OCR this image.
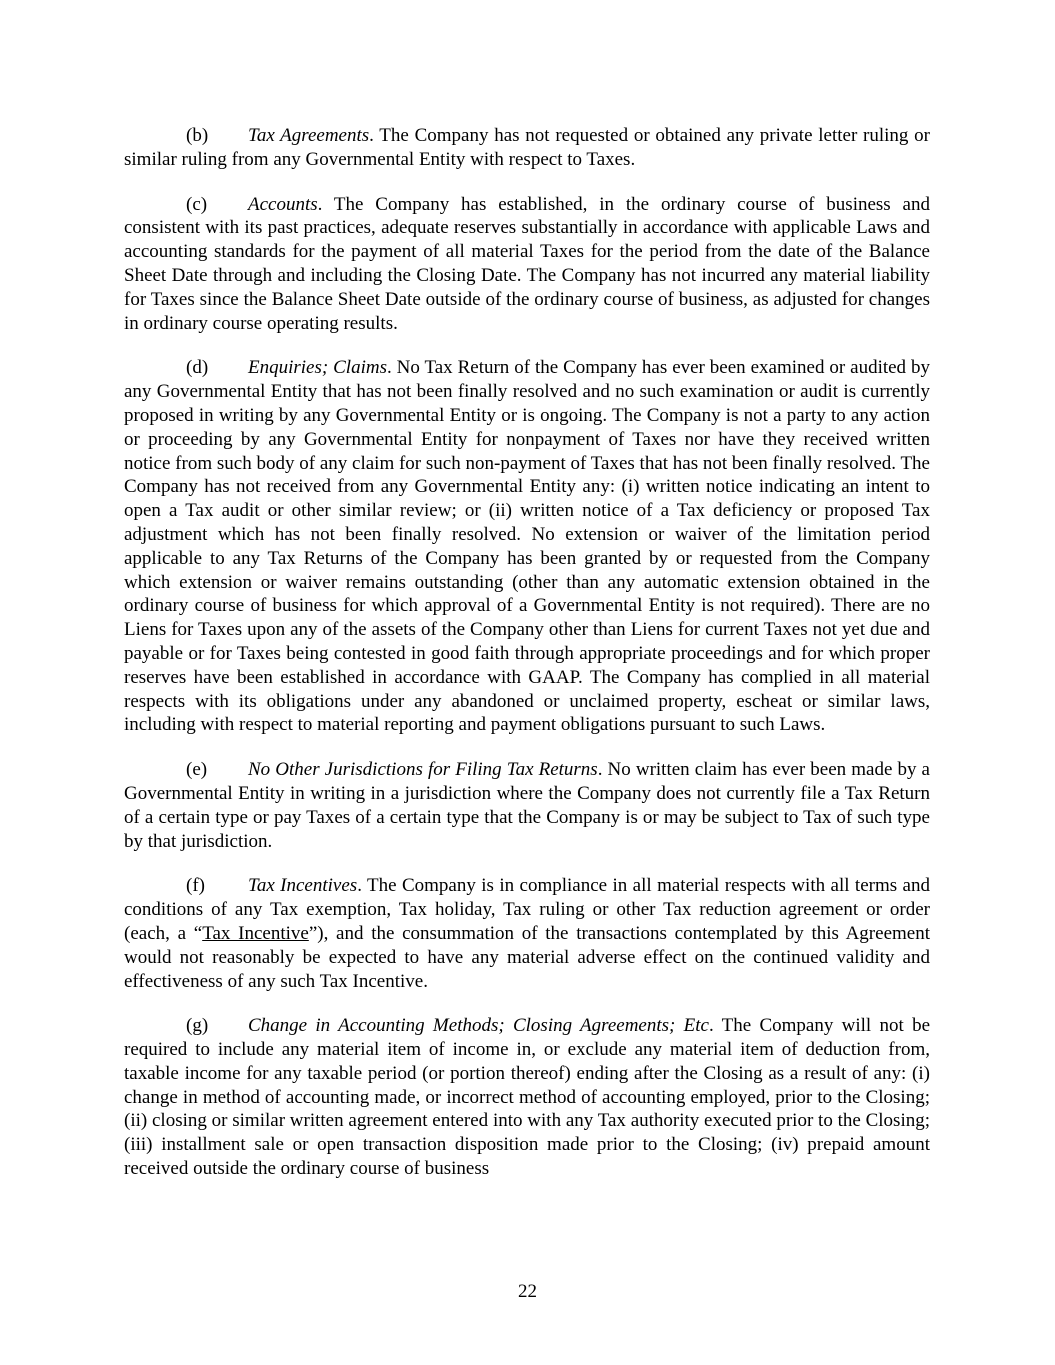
(b) Tax Agreements. The Company has not requested or obtained any private letter ruling or similar ruling from any Governmental Entity with respect to Taxes.

(c) Accounts. The Company has established, in the ordinary course of business and consistent with its past practices, adequate reserves substantially in accordance with applicable Laws and accounting standards for the payment of all material Taxes for the period from the date of the Balance Sheet Date through and including the Closing Date. The Company has not incurred any material liability for Taxes since the Balance Sheet Date outside of the ordinary course of business, as adjusted for changes in ordinary course operating results.

(d) Enquiries; Claims. No Tax Return of the Company has ever been examined or audited by any Governmental Entity that has not been finally resolved and no such examination or audit is currently proposed in writing by any Governmental Entity or is ongoing. The Company is not a party to any action or proceeding by any Governmental Entity for nonpayment of Taxes nor have they received written notice from such body of any claim for such non-payment of Taxes that has not been finally resolved. The Company has not received from any Governmental Entity any: (i) written notice indicating an intent to open a Tax audit or other similar review; or (ii) written notice of a Tax deficiency or proposed Tax adjustment which has not been finally resolved. No extension or waiver of the limitation period applicable to any Tax Returns of the Company has been granted by or requested from the Company which extension or waiver remains outstanding (other than any automatic extension obtained in the ordinary course of business for which approval of a Governmental Entity is not required). There are no Liens for Taxes upon any of the assets of the Company other than Liens for current Taxes not yet due and payable or for Taxes being contested in good faith through appropriate proceedings and for which proper reserves have been established in accordance with GAAP. The Company has complied in all material respects with its obligations under any abandoned or unclaimed property, escheat or similar laws, including with respect to material reporting and payment obligations pursuant to such Laws.

(e) No Other Jurisdictions for Filing Tax Returns. No written claim has ever been made by a Governmental Entity in writing in a jurisdiction where the Company does not currently file a Tax Return of a certain type or pay Taxes of a certain type that the Company is or may be subject to Tax of such type by that jurisdiction.

(f) Tax Incentives. The Company is in compliance in all material respects with all terms and conditions of any Tax exemption, Tax holiday, Tax ruling or other Tax reduction agreement or order (each, a “Tax Incentive”), and the consummation of the transactions contemplated by this Agreement would not reasonably be expected to have any material adverse effect on the continued validity and effectiveness of any such Tax Incentive.

(g) Change in Accounting Methods; Closing Agreements; Etc. The Company will not be required to include any material item of income in, or exclude any material item of deduction from, taxable income for any taxable period (or portion thereof) ending after the Closing as a result of any: (i) change in method of accounting made, or incorrect method of accounting employed, prior to the Closing; (ii) closing or similar written agreement entered into with any Tax authority executed prior to the Closing; (iii) installment sale or open transaction disposition made prior to the Closing; (iv) prepaid amount received outside the ordinary course of business

22
